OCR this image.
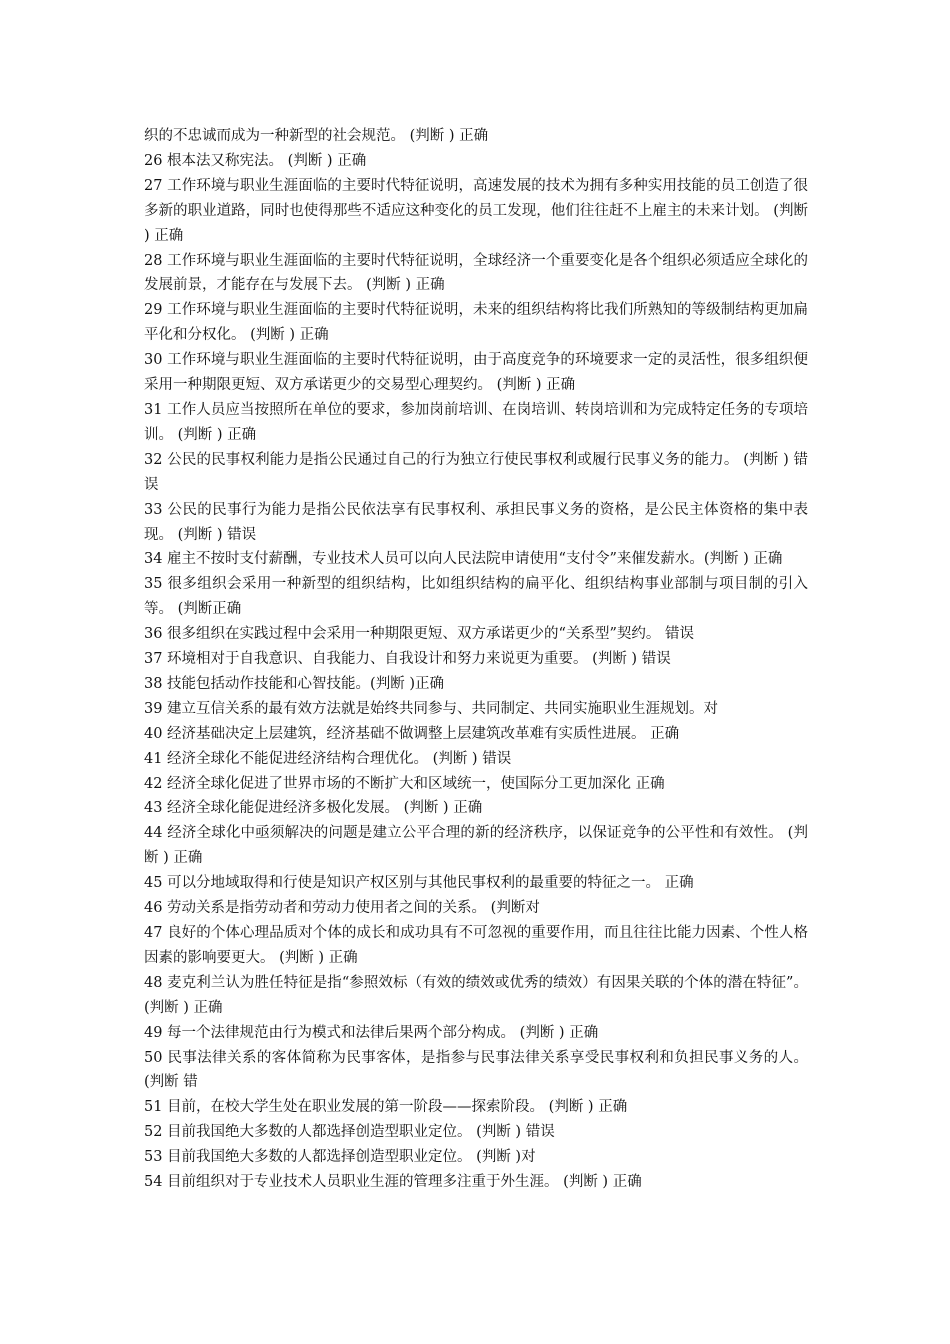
织的不忠诚而成为一种新型的社会规范。 (判断 ) 正确

26 根本法又称宪法。 (判断 ) 正确

27 工作环境与职业生涯面临的主要时代特征说明，高速发展的技术为拥有多种实用技能的员工创造了很多新的职业道路，同时也使得那些不适应这种变化的员工发现，他们往往赶不上雇主的未来计划。 (判断 ) 正确

28 工作环境与职业生涯面临的主要时代特征说明，全球经济一个重要变化是各个组织必须适应全球化的发展前景，才能存在与发展下去。 (判断 ) 正确

29 工作环境与职业生涯面临的主要时代特征说明，未来的组织结构将比我们所熟知的等级制结构更加扁平化和分权化。 (判断 ) 正确

30 工作环境与职业生涯面临的主要时代特征说明，由于高度竞争的环境要求一定的灵活性，很多组织便采用一种期限更短、双方承诺更少的交易型心理契约。 (判断 ) 正确

31 工作人员应当按照所在单位的要求，参加岗前培训、在岗培训、转岗培训和为完成特定任务的专项培训。 (判断 ) 正确

32 公民的民事权利能力是指公民通过自己的行为独立行使民事权利或履行民事义务的能力。 (判断 ) 错误

33 公民的民事行为能力是指公民依法享有民事权利、承担民事义务的资格，是公民主体资格的集中表现。 (判断 ) 错误

34 雇主不按时支付薪酬，专业技术人员可以向人民法院申请使用“支付令”来催发薪水。(判断 ) 正确

35 很多组织会采用一种新型的组织结构，比如组织结构的扁平化、组织结构事业部制与项目制的引入等。 (判断正确

36 很多组织在实践过程中会采用一种期限更短、双方承诺更少的“关系型”契约。 错误

37 环境相对于自我意识、自我能力、自我设计和努力来说更为重要。 (判断 ) 错误

38 技能包括动作技能和心智技能。(判断 )正确

39 建立互信关系的最有效方法就是始终共同参与、共同制定、共同实施职业生涯规划。对

40 经济基础决定上层建筑，经济基础不做调整上层建筑改革难有实质性进展。 正确

41 经济全球化不能促进经济结构合理优化。 (判断 ) 错误

42 经济全球化促进了世界市场的不断扩大和区域统一，使国际分工更加深化 正确

43 经济全球化能促进经济多极化发展。 (判断 ) 正确

44 经济全球化中亟须解决的问题是建立公平合理的新的经济秩序，以保证竞争的公平性和有效性。 (判断 ) 正确

45 可以分地域取得和行使是知识产权区别与其他民事权利的最重要的特征之一。 正确

46 劳动关系是指劳动者和劳动力使用者之间的关系。 (判断对

47 良好的个体心理品质对个体的成长和成功具有不可忽视的重要作用，而且往往比能力因素、个性人格因素的影响要更大。 (判断 ) 正确

48 麦克利兰认为胜任特征是指“参照效标（有效的绩效或优秀的绩效）有因果关联的个体的潜在特征”。 (判断 ) 正确

49 每一个法律规范由行为模式和法律后果两个部分构成。 (判断 ) 正确

50 民事法律关系的客体简称为民事客体，是指参与民事法律关系享受民事权利和负担民事义务的人。 (判断 错

51 目前，在校大学生处在职业发展的第一阶段——探索阶段。 (判断 ) 正确

52 目前我国绝大多数的人都选择创造型职业定位。 (判断 ) 错误

53 目前我国绝大多数的人都选择创造型职业定位。 (判断 )对

54 目前组织对于专业技术人员职业生涯的管理多注重于外生涯。 (判断 ) 正确
